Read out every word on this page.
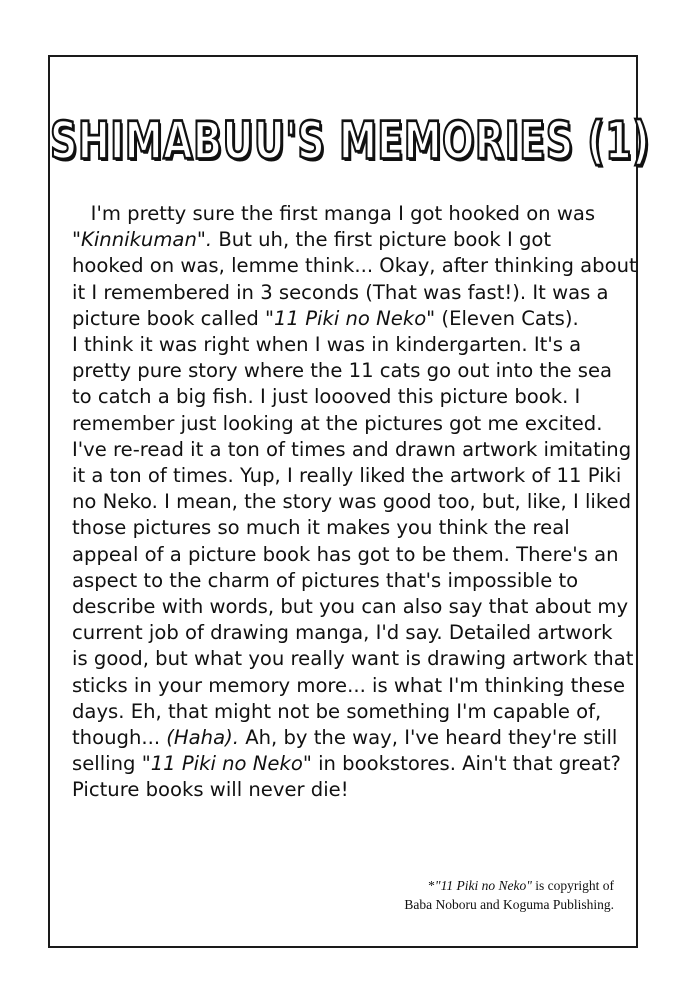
SHIMABUU'S MEMORIES (1)

I'm pretty sure the first manga I got hooked on was
"Kinnikuman". But uh, the first picture book I got
hooked on was, lemme think... Okay, after thinking about
it I remembered in 3 seconds (That was fast!). It was a
picture book called "11 Piki no Neko" (Eleven Cats).
I think it was right when I was in kindergarten. It's a
pretty pure story where the 11 cats go out into the sea
to catch a big fish. I just loooved this picture book. I
remember just looking at the pictures got me excited.
I've re-read it a ton of times and drawn artwork imitating
it a ton of times. Yup, I really liked the artwork of 11 Piki
no Neko. I mean, the story was good too, but, like, I liked
those pictures so much it makes you think the real
appeal of a picture book has got to be them. There's an
aspect to the charm of pictures that's impossible to
describe with words, but you can also say that about my
current job of drawing manga, I'd say. Detailed artwork
is good, but what you really want is drawing artwork that
sticks in your memory more... is what I'm thinking these
days. Eh, that might not be something I'm capable of,
though... (Haha). Ah, by the way, I've heard they're still
selling "11 Piki no Neko" in bookstores. Ain't that great?
Picture books will never die!

*"11 Piki no Neko" is copyright of
Baba Noboru and Koguma Publishing.
